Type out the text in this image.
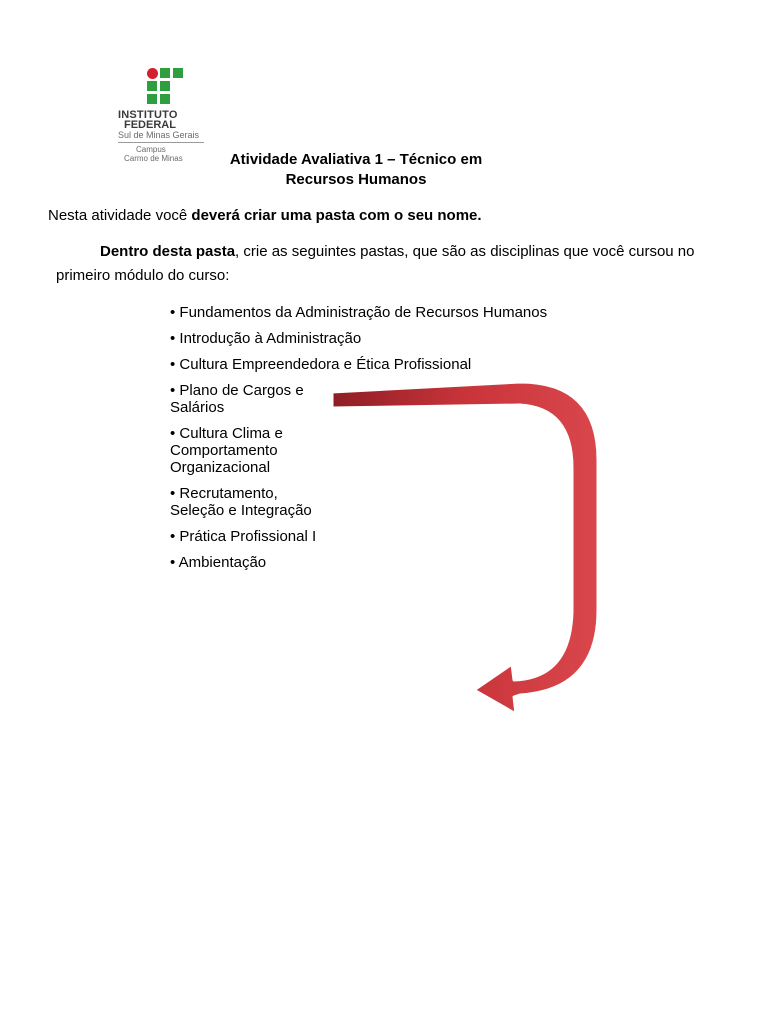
INSTITUTO
FEDERAL
Sul de Minas Gerais
Campus
Carmo de Minas	Atividade Avaliativa 1 – Técnico em
Recursos Humanos
Nesta atividade você deverá criar uma pasta com o seu nome.
Dentro desta pasta, crie as seguintes pastas, que são as disciplinas que você cursou no primeiro módulo do curso:
• Fundamentos da Administração de Recursos Humanos
• Introdução à Administração
• Cultura Empreendedora e Ética Profissional
• Plano de Cargos e Salários
• Cultura Clima e Comportamento Organizacional
• Recrutamento, Seleção e Integração
• Prática Profissional I
• Ambientação
